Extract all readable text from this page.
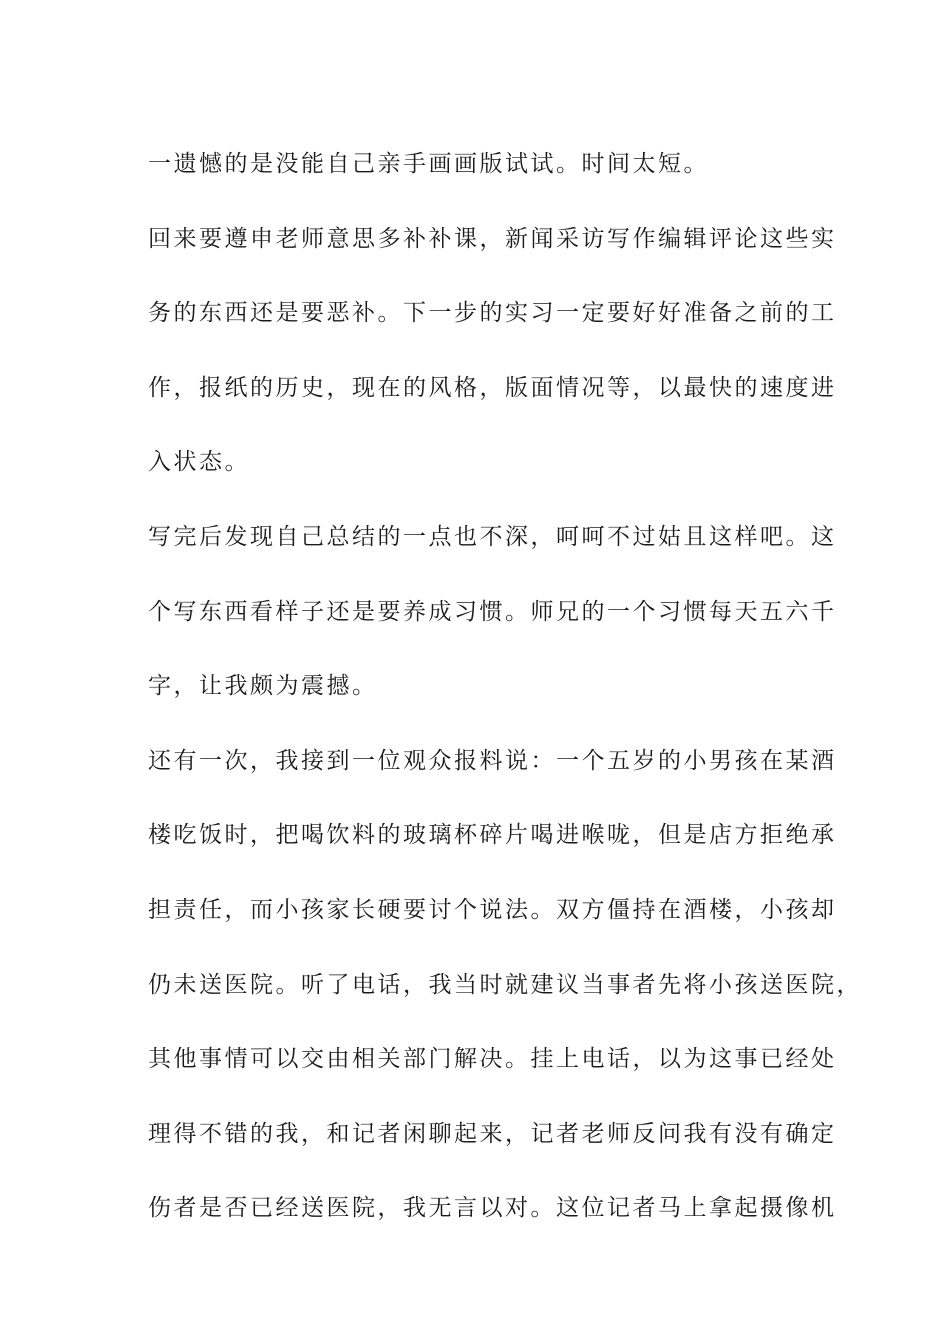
一遗憾的是没能自己亲手画画版试试。时间太短。
回来要遵申老师意思多补补课，新闻采访写作编辑评论这些实
务的东西还是要恶补。下一步的实习一定要好好准备之前的工
作，报纸的历史，现在的风格，版面情况等，以最快的速度进
入状态。
写完后发现自己总结的一点也不深，呵呵不过姑且这样吧。这
个写东西看样子还是要养成习惯。师兄的一个习惯每天五六千
字，让我颇为震撼。
还有一次，我接到一位观众报料说：一个五岁的小男孩在某酒
楼吃饭时，把喝饮料的玻璃杯碎片喝进喉咙，但是店方拒绝承
担责任，而小孩家长硬要讨个说法。双方僵持在酒楼，小孩却
仍未送医院。听了电话，我当时就建议当事者先将小孩送医院，
其他事情可以交由相关部门解决。挂上电话，以为这事已经处
理得不错的我，和记者闲聊起来，记者老师反问我有没有确定
伤者是否已经送医院，我无言以对。这位记者马上拿起摄像机
